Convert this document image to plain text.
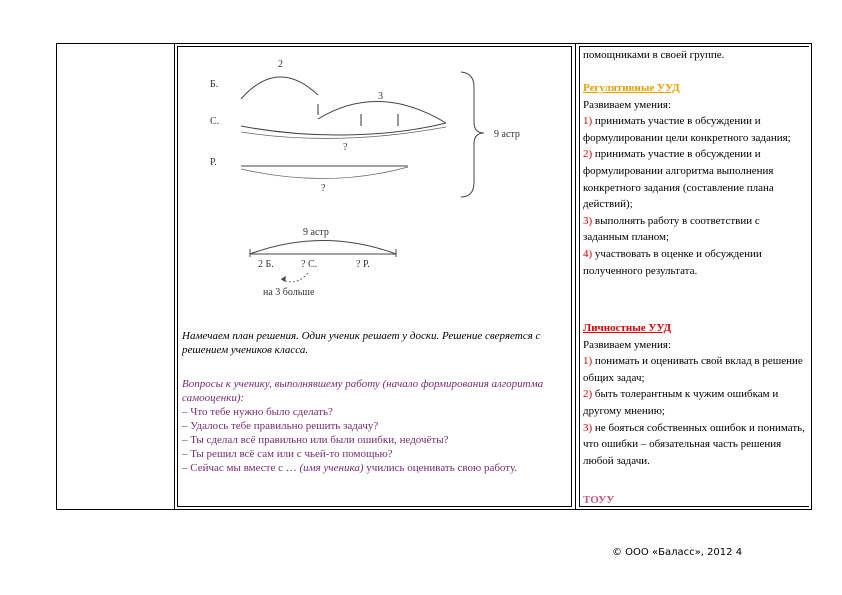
Б.
С.
Р.
2
3
?
?
9 астр
9 астр
2 Б.	? С.	? Р.
на 3 больше
Намечаем план решения. Один ученик решает у доски. Решение сверяется с решением учеников класса.
Вопросы к ученику, выполнявшему работу (начало формирования алгоритма самооценки):
– Что тебе нужно было сделать?
– Удалось тебе правильно решить задачу?
– Ты сделал всё правильно или были ошибки, недочёты?
– Ты решил всё сам или с чьей-то помощью?
– Сейчас мы вместе с … (имя ученика) учились оценивать свою работу.
помощниками в своей группе.
Регулятивные УУД
Развиваем умения:
1) принимать участие в обсуждении и формулировании цели конкретного задания;
2) принимать участие в обсуждении и формулировании алгоритма выполнения конкретного задания (составление плана действий);
3) выполнять работу в соответствии с заданным планом;
4) участвовать в оценке и обсуждении полученного результата.
Личностные УУД
Развиваем умения:
1) понимать и оценивать свой вклад в решение общих задач;
2) быть толерантным к чужим ошибкам и другому мнению;
3) не бояться собственных ошибок и понимать, что ошибки – обязательная часть решения любой задачи.
ТОУУ
© ООО «Баласс», 2012 4
